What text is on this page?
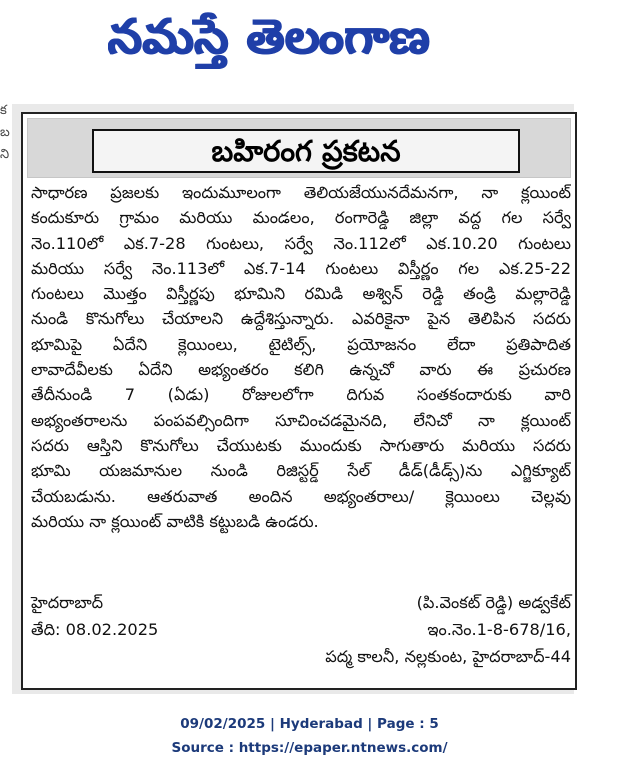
నమస్తే తెలంగాణ
క
బ
ని	బహిరంగ ప్రకటన
సాధారణ ప్రజలకు ఇందుమూలంగా తెలియజేయునదేమనగా, నా క్లయింట్
కందుకూరు గ్రామం మరియు మండలం, రంగారెడ్డి జిల్లా వద్ద గల సర్వే
నెం.110లో ఎక.7-28 గుంటలు, సర్వే నెం.112లో ఎక.10.20 గుంటలు
మరియు సర్వే నెం.113లో ఎక.7-14 గుంటలు విస్తీర్ణం గల ఎక.25-22
గుంటలు మొత్తం విస్తీర్ణపు భూమిని రమిడి అశ్విన్ రెడ్డి తండ్రి మల్లారెడ్డి
నుండి కొనుగోలు చేయాలని ఉద్దేశిస్తున్నారు. ఎవరికైనా పైన తెలిపిన సదరు
భూమిపై ఏదేని క్లెయింలు, టైటిల్స్, ప్రయోజనం లేదా ప్రతిపాదిత
లావాదేవీలకు ఏదేని అభ్యంతరం కలిగి ఉన్నచో వారు ఈ ప్రచురణ
తేదీనుండి 7 (ఏడు) రోజులలోగా దిగువ సంతకందారుకు వారి
అభ్యంతరాలను పంపవల్సిందిగా సూచించడమైనది, లేనిచో నా క్లయింట్
సదరు ఆస్తిని కొనుగోలు చేయుటకు ముందుకు సాగుతారు మరియు సదరు
భూమి యజమానుల నుండి రిజిస్టర్డ్ సేల్ డీడ్(డీడ్స్)ను ఎగ్జిక్యూట్
చేయబడును. ఆతరువాత అందిన అభ్యంతరాలు/ క్లెయింలు చెల్లవు
మరియు నా క్లయింట్ వాటికి కట్టుబడి ఉండరు.
హైదరాబాద్	(పి.వెంకట్ రెడ్డి) అడ్వకేట్
తేది: 08.02.2025	ఇం.నెం.1-8-678/16,
పద్మ కాలనీ, నల్లకుంట, హైదరాబాద్-44
09/02/2025 | Hyderabad | Page : 5
Source : https://epaper.ntnews.com/
